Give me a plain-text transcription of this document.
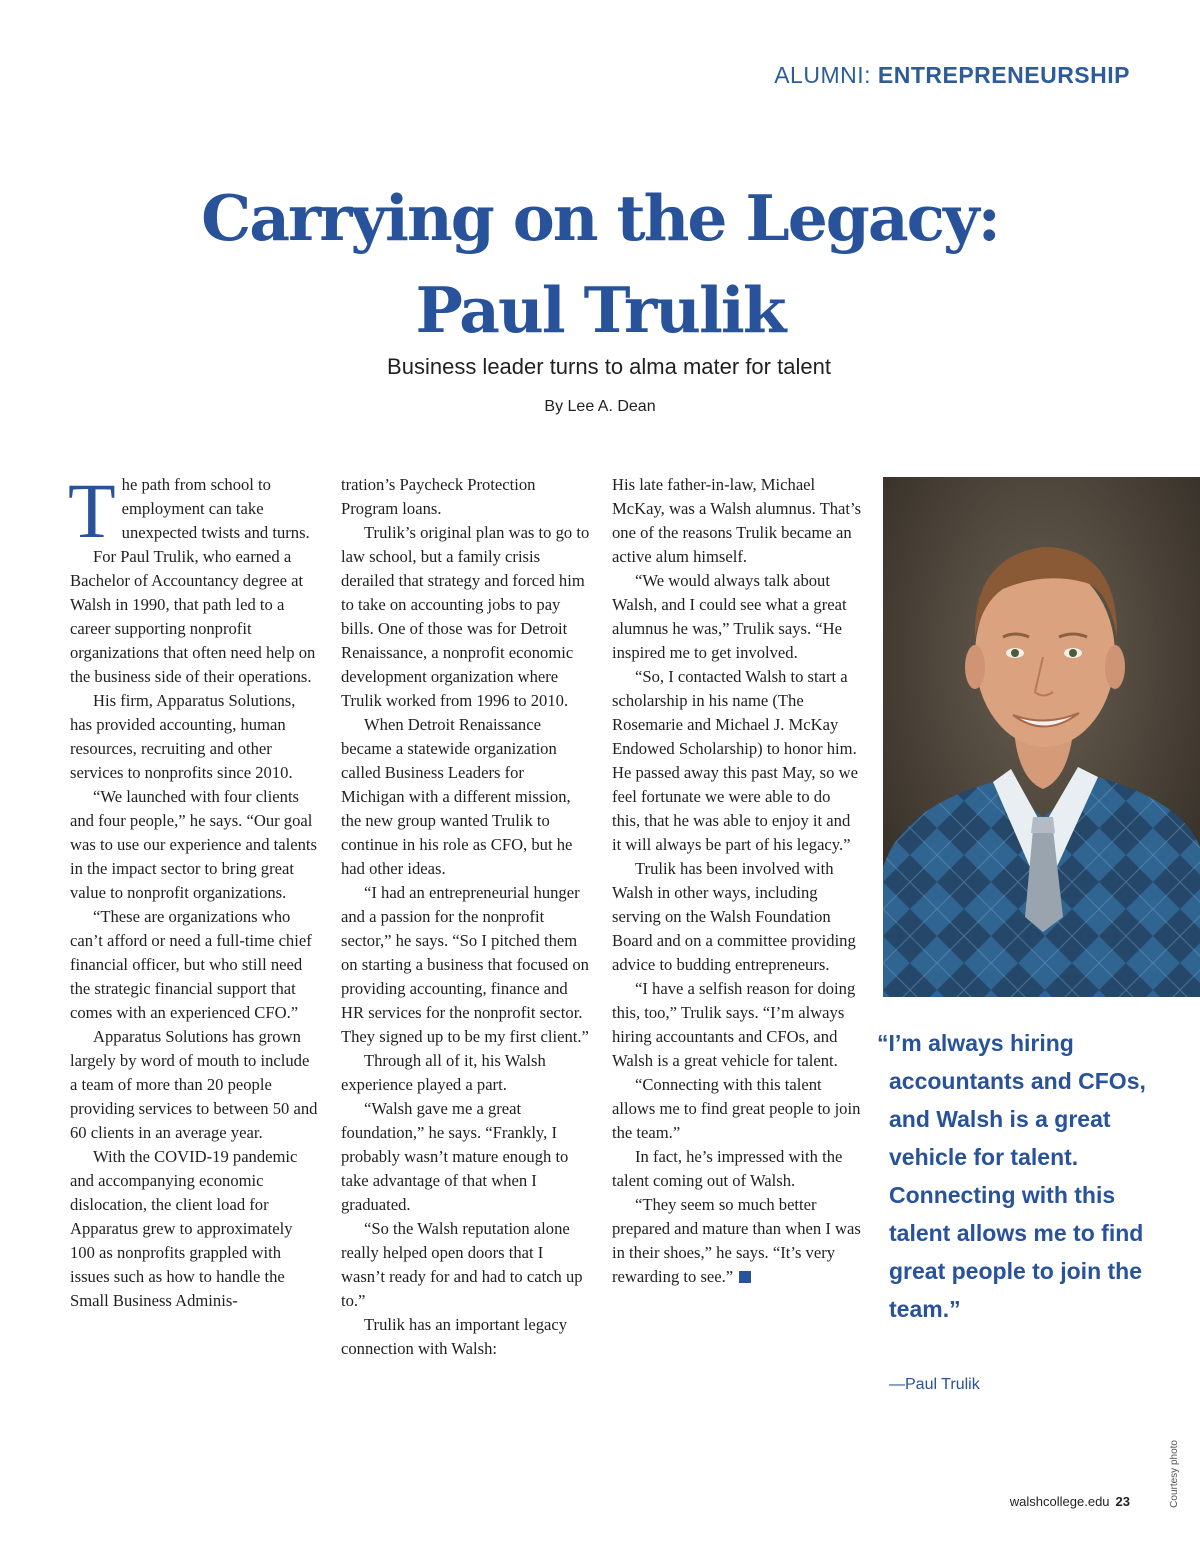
ALUMNI: ENTREPRENEURSHIP
Carrying on the Legacy:
Paul Trulik
Business leader turns to alma mater for talent
By Lee A. Dean
T he path from school to employment can take unexpected twists and turns.

For Paul Trulik, who earned a Bachelor of Accountancy degree at Walsh in 1990, that path led to a career supporting nonprofit organizations that often need help on the business side of their operations.

His firm, Apparatus Solutions, has provided accounting, human resources, recruiting and other services to nonprofits since 2010.

“We launched with four clients and four people,” he says. “Our goal was to use our experience and talents in the impact sector to bring great value to nonprofit organizations.

“These are organizations who can’t afford or need a full-time chief financial officer, but who still need the strategic financial support that comes with an experienced CFO.”

Apparatus Solutions has grown largely by word of mouth to include a team of more than 20 people providing services to between 50 and 60 clients in an average year.

With the COVID-19 pandemic and accompanying economic dislocation, the client load for Apparatus grew to approximately 100 as nonprofits grappled with issues such as how to handle the Small Business Adminis-

tration’s Paycheck Protection Program loans.

Trulik’s original plan was to go to law school, but a family crisis derailed that strategy and forced him to take on accounting jobs to pay bills. One of those was for Detroit Renaissance, a nonprofit economic development organization where Trulik worked from 1996 to 2010.

When Detroit Renaissance became a statewide organization called Business Leaders for Michigan with a different mission, the new group wanted Trulik to continue in his role as CFO, but he had other ideas.

“I had an entrepreneurial hunger and a passion for the nonprofit sector,” he says. “So I pitched them on starting a business that focused on providing accounting, finance and HR services for the nonprofit sector. They signed up to be my first client.”

Through all of it, his Walsh experience played a part.

“Walsh gave me a great foundation,” he says. “Frankly, I probably wasn’t mature enough to take advantage of that when I graduated.

“So the Walsh reputation alone really helped open doors that I wasn’t ready for and had to catch up to.”

Trulik has an important legacy connection with Walsh:

His late father-in-law, Michael McKay, was a Walsh alumnus. That’s one of the reasons Trulik became an active alum himself.

“We would always talk about Walsh, and I could see what a great alumnus he was,” Trulik says. “He inspired me to get involved.

“So, I contacted Walsh to start a scholarship in his name (The Rosemarie and Michael J. McKay Endowed Scholarship) to honor him. He passed away this past May, so we feel fortunate we were able to do this, that he was able to enjoy it and it will always be part of his legacy.”

Trulik has been involved with Walsh in other ways, including serving on the Walsh Foundation Board and on a committee providing advice to budding entrepreneurs.

“I have a selfish reason for doing this, too,” Trulik says. “I’m always hiring accountants and CFOs, and Walsh is a great vehicle for talent.

“Connecting with this talent allows me to find great people to join the team.”

In fact, he’s impressed with the talent coming out of Walsh.

“They seem so much better prepared and mature than when I was in their shoes,” he says. “It’s very rewarding to see.”

“I’m always hiring accountants and CFOs, and Walsh is a great vehicle for talent. Connecting with this talent allows me to find great people to join the team.”
—Paul Trulik
Courtesy photo
walshcollege.edu 23
